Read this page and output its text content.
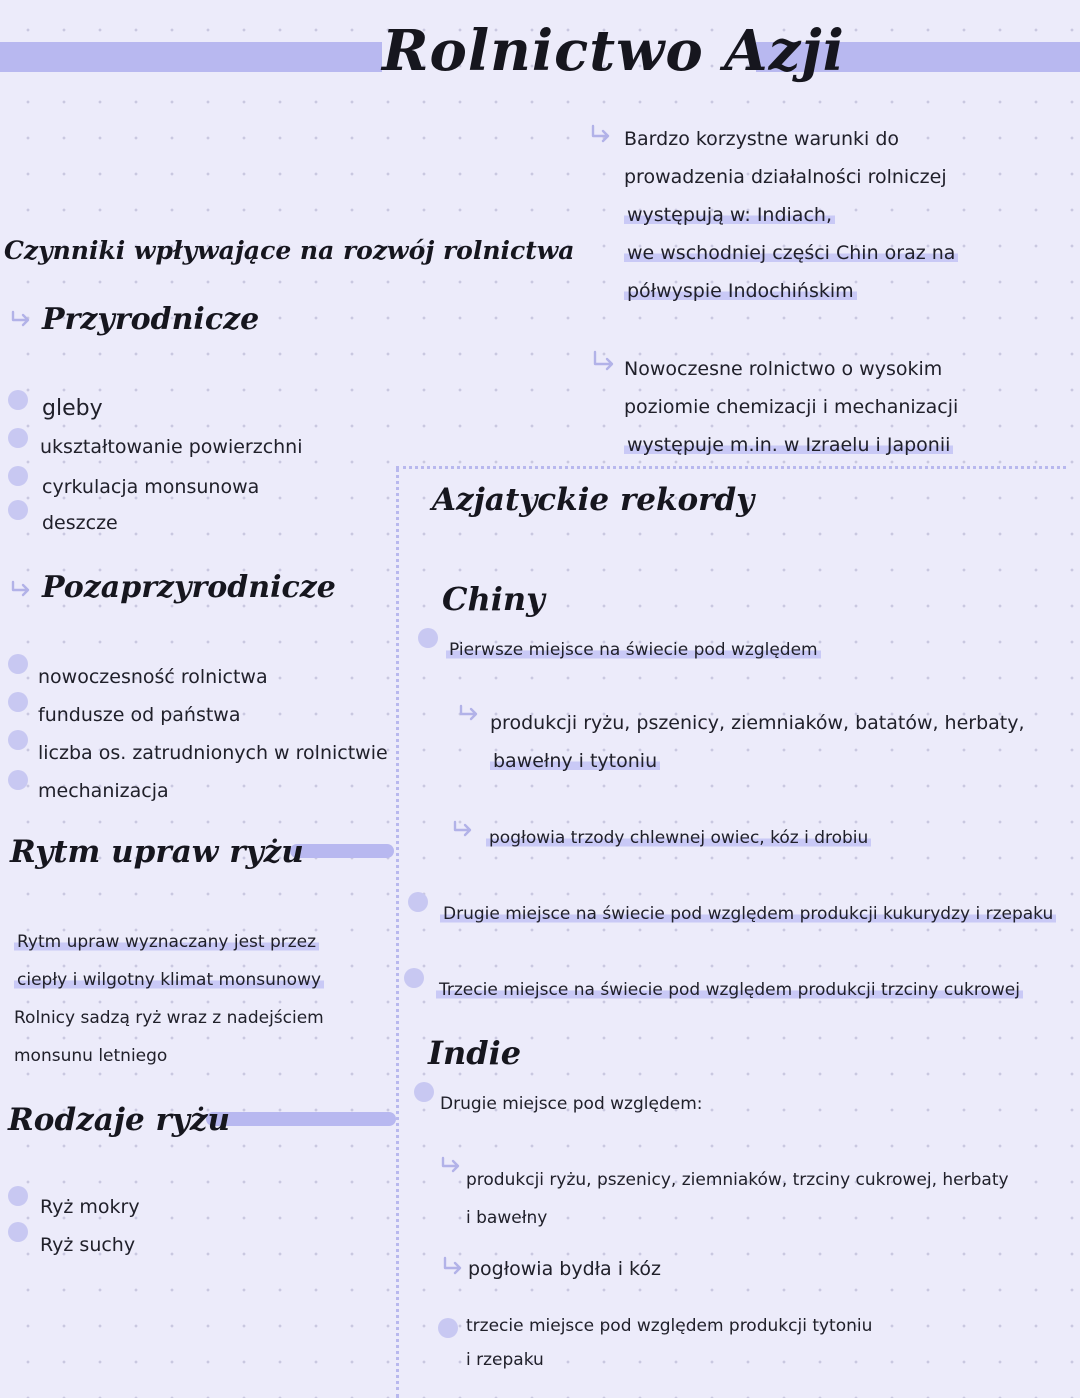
Rolnictwo Azji
Bardzo korzystne warunki do
prowadzenia działalności rolniczej
występują w: Indiach,
we wschodniej części Chin oraz na
półwyspie Indochińskim
Nowoczesne rolnictwo o wysokim
poziomie chemizacji i mechanizacji
występuje m.in. w Izraelu i Japonii
Czynniki wpływające na rozwój rolnictwa
Przyrodnicze
gleby
ukształtowanie powierzchni
cyrkulacja monsunowa
deszcze
Pozaprzyrodnicze
nowoczesność rolnictwa
fundusze od państwa
liczba os. zatrudnionych w rolnictwie
mechanizacja
Rytm upraw ryżu
Rytm upraw wyznaczany jest przez
ciepły i wilgotny klimat monsunowy
Rolnicy sadzą ryż wraz z nadejściem
monsunu letniego
Rodzaje ryżu
Ryż mokry
Ryż suchy
Azjatyckie rekordy
Chiny
Pierwsze miejsce na świecie pod względem
produkcji ryżu, pszenicy, ziemniaków, batatów, herbaty,
bawełny i tytoniu
pogłowia trzody chlewnej owiec, kóz i drobiu
Drugie miejsce na świecie pod względem produkcji kukurydzy i rzepaku
Trzecie miejsce na świecie pod względem produkcji trzciny cukrowej
Indie
Drugie miejsce pod względem:
produkcji ryżu, pszenicy, ziemniaków, trzciny cukrowej, herbaty
i bawełny
pogłowia bydła i kóz
trzecie miejsce pod względem produkcji tytoniu
i rzepaku
